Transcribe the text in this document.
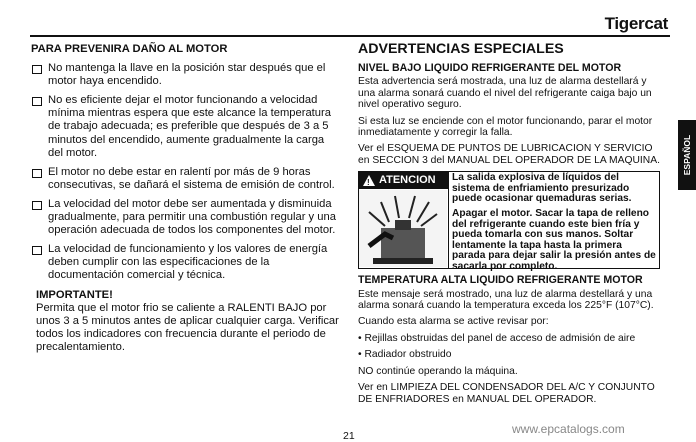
Tigercat
PARA PREVENIRA DAÑO AL MOTOR
No mantenga la llave en la posición star después que el motor haya encendido.
No es eficiente dejar el motor funcionando a velocidad mínima mientras espera que este alcance la temperatura de trabajo adecuada; es preferible que después de 3 a 5 minutos del encendido, aumente gradualmente la carga del motor.
El motor no debe estar en ralentí por más de 9 horas consecutivas, se dañará el sistema de emisión de control.
La velocidad del motor debe ser aumentada y disminuida gradualmente, para permitir una combustión regular y una operación adecuada de todos los componentes del motor.
La velocidad de funcionamiento y los valores de energía deben cumplir con las especificaciones de la documentación comercial y técnica.
IMPORTANTE!
Permita que el motor frio se caliente a RALENTI BAJO por unos 3 a 5 minutos antes de aplicar cualquier carga. Verificar todos los indicadores con frecuencia durante el periodo de precalentamiento.
ADVERTENCIAS ESPECIALES
NIVEL BAJO LIQUIDO REFRIGERANTE DEL MOTOR
Esta advertencia será mostrada, una luz de alarma destellará y una alarma sonará cuando el nivel del refrigerante caiga bajo un nivel operativo seguro.
Si esta luz se enciende con el motor funcionando, parar el motor inmediatamente y corregir la falla.
Ver el ESQUEMA DE PUNTOS DE LUBRICACION Y SERVICIO en SECCION 3 del MANUAL DEL OPERADOR DE LA MAQUINA.
! ATENCION La salida explosiva de líquidos del sistema de enfriamiento presurizado puede ocasionar quemaduras serias.
Apagar el motor. Sacar la tapa de relleno del refrigerante cuando este bien fría y pueda tomarla con sus manos. Soltar lentamente la tapa hasta la primera parada para dejar salir la presión antes de sacarla por completo.
TEMPERATURA ALTA LIQUIDO REFRIGERANTE MOTOR
Este mensaje será mostrado, una luz de alarma destellará y una alarma sonará cuando la temperatura exceda los 225°F (107°C).
Cuando esta alarma se active revisar por:
• Rejillas obstruidas del panel de acceso de admisión de aire
• Radiador obstruido
NO continúe operando la máquina.
Ver en LIMPIEZA DEL CONDENSADOR DEL A/C Y CONJUNTO DE ENFRIADORES en MANUAL DEL OPERADOR.
ESPAÑOL
21	www.epcatalogs.com
